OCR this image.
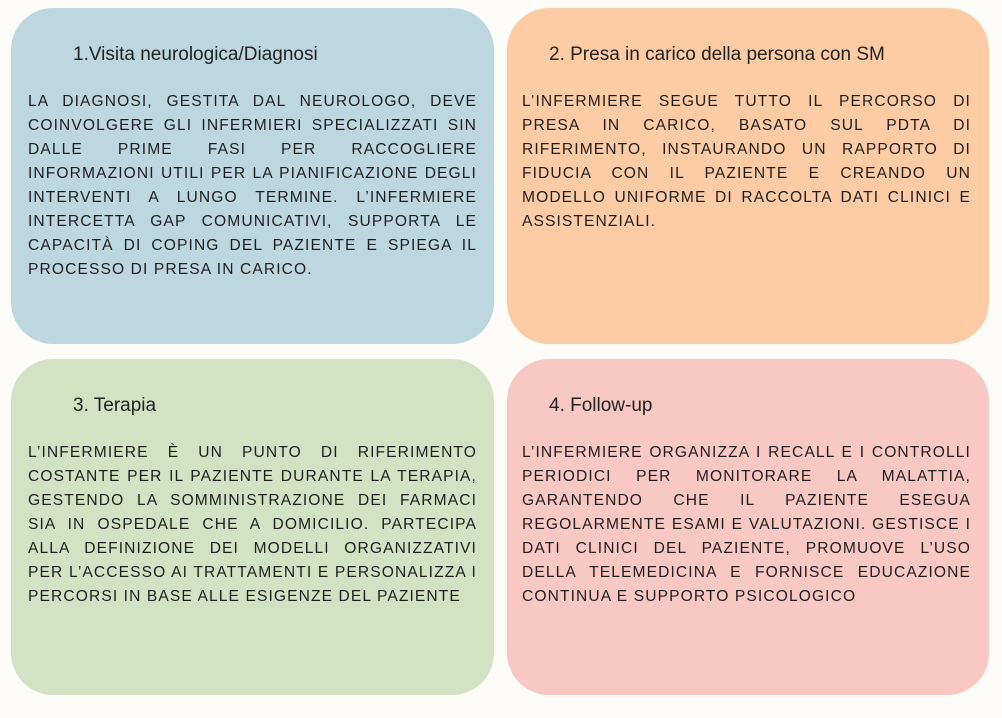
1.Visita neurologica/Diagnosi

LA DIAGNOSI, GESTITA DAL NEUROLOGO, DEVE COINVOLGERE GLI INFERMIERI SPECIALIZZATI SIN DALLE PRIME FASI PER RACCOGLIERE INFORMAZIONI UTILI PER LA PIANIFICAZIONE DEGLI INTERVENTI A LUNGO TERMINE. L’INFERMIERE INTERCETTA GAP COMUNICATIVI, SUPPORTA LE CAPACITÀ DI COPING DEL PAZIENTE E SPIEGA IL PROCESSO DI PRESA IN CARICO.

2. Presa in carico della persona con SM

L’INFERMIERE SEGUE TUTTO IL PERCORSO DI PRESA IN CARICO, BASATO SUL PDTA DI RIFERIMENTO, INSTAURANDO UN RAPPORTO DI FIDUCIA CON IL PAZIENTE E CREANDO UN MODELLO UNIFORME DI RACCOLTA DATI CLINICI E ASSISTENZIALI.

3. Terapia

L’INFERMIERE È UN PUNTO DI RIFERIMENTO COSTANTE PER IL PAZIENTE DURANTE LA TERAPIA, GESTENDO LA SOMMINISTRAZIONE DEI FARMACI SIA IN OSPEDALE CHE A DOMICILIO. PARTECIPA ALLA DEFINIZIONE DEI MODELLI ORGANIZZATIVI PER L’ACCESSO AI TRATTAMENTI E PERSONALIZZA I PERCORSI IN BASE ALLE ESIGENZE DEL PAZIENTE

4. Follow-up

L’INFERMIERE ORGANIZZA I RECALL E I CONTROLLI PERIODICI PER MONITORARE LA MALATTIA, GARANTENDO CHE IL PAZIENTE ESEGUA REGOLARMENTE ESAMI E VALUTAZIONI. GESTISCE I DATI CLINICI DEL PAZIENTE, PROMUOVE L’USO DELLA TELEMEDICINA E FORNISCE EDUCAZIONE CONTINUA E SUPPORTO PSICOLOGICO
